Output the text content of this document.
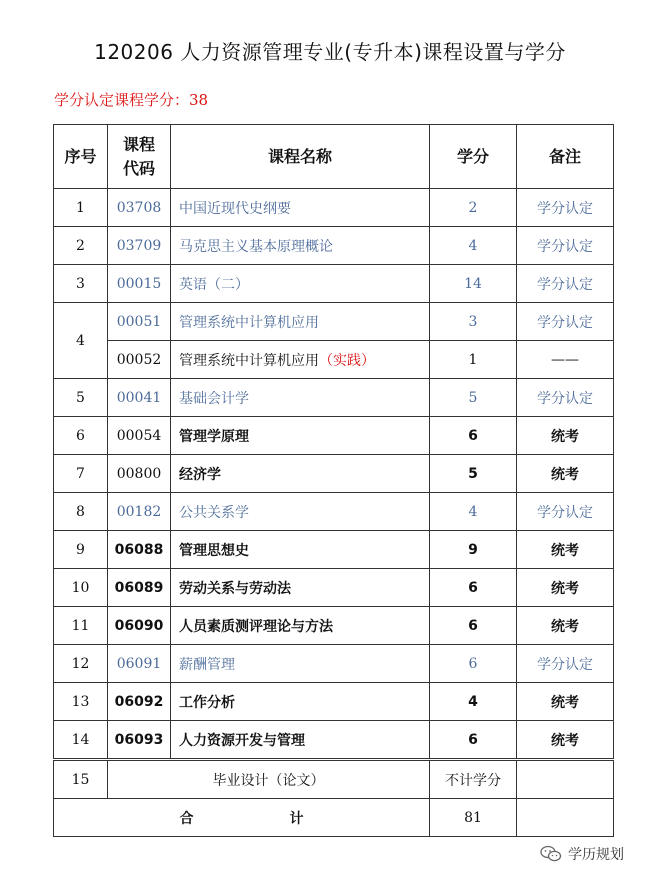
120206 人力资源管理专业(专升本)课程设置与学分
学分认定课程学分：38
序号	课程代码	课程名称	学分	备注
1	03708	中国近现代史纲要	2	学分认定
2	03709	马克思主义基本原理概论	4	学分认定
3	00015	英语（二）	14	学分认定
4	00051	管理系统中计算机应用	3	学分认定
	00052	管理系统中计算机应用（实践）	1	——
5	00041	基础会计学	5	学分认定
6	00054	管理学原理	6	统考
7	00800	经济学	5	统考
8	00182	公共关系学	4	学分认定
9	06088	管理思想史	9	统考
10	06089	劳动关系与劳动法	6	统考
11	06090	人员素质测评理论与方法	6	统考
12	06091	薪酬管理	6	学分认定
13	06092	工作分析	4	统考
14	06093	人力资源开发与管理	6	统考
15	毕业设计（论文）		不计学分	
合 计			81	
学历规划
